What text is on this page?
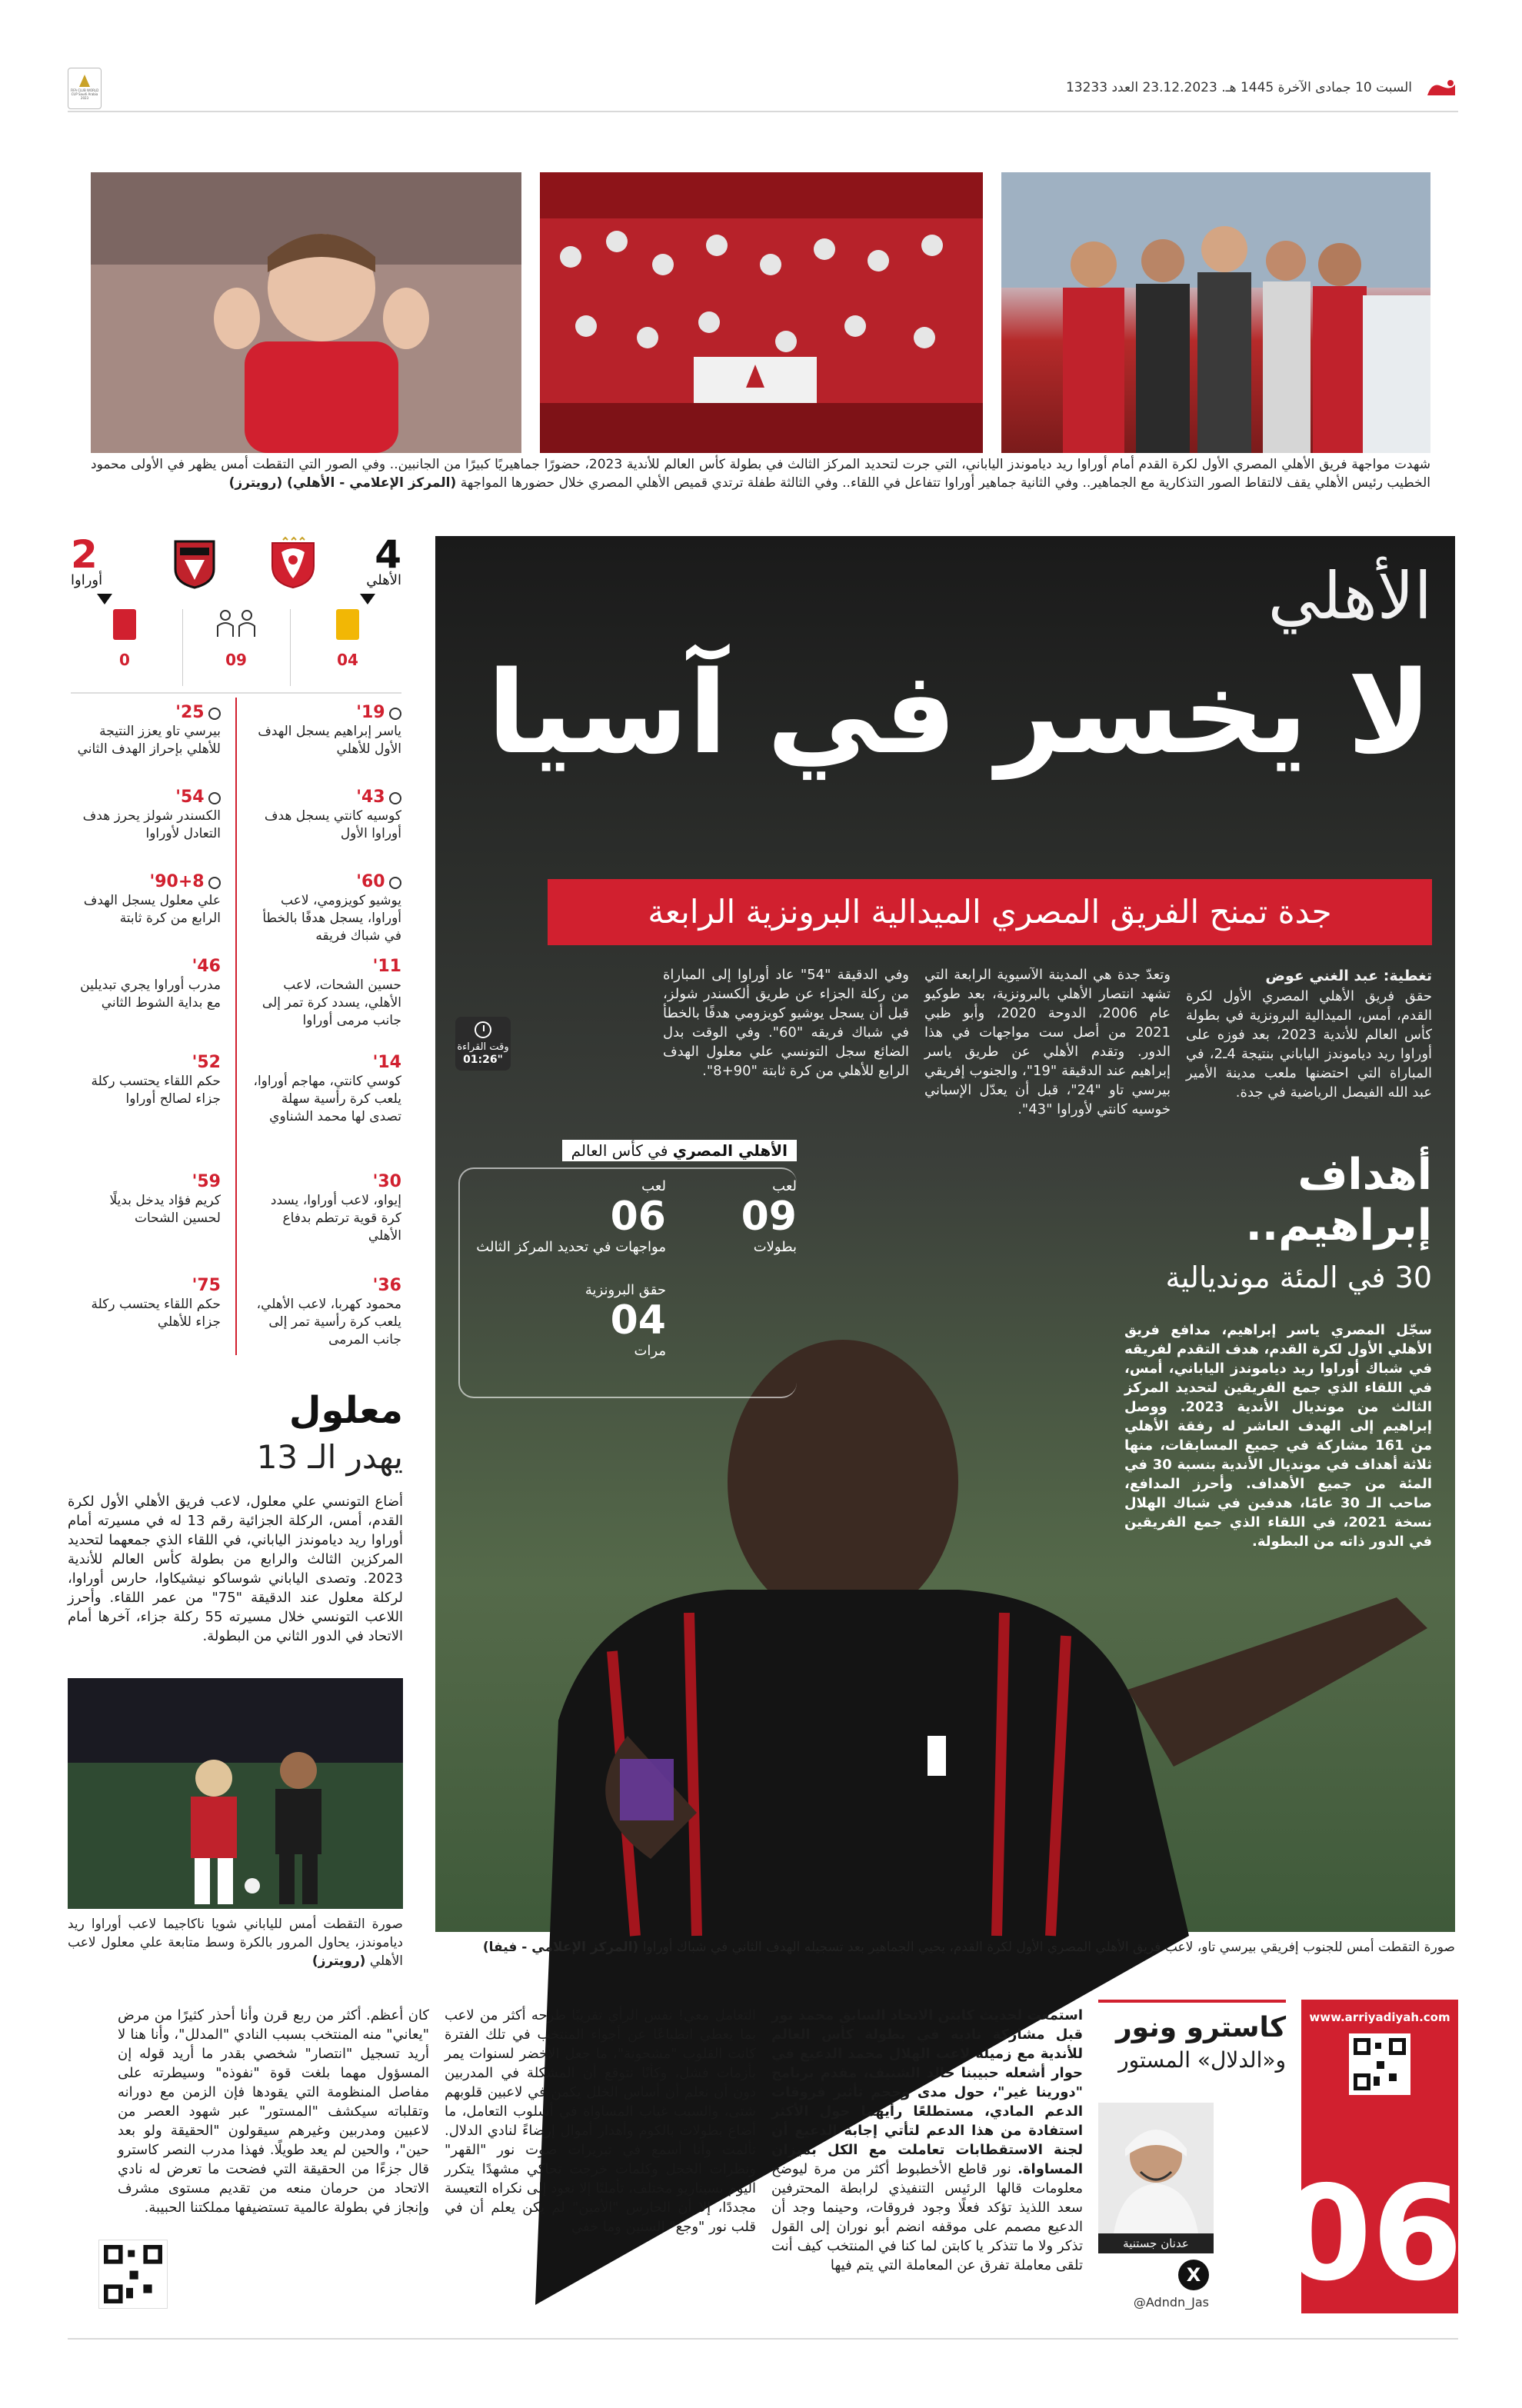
السبت 10 جمادى الآخرة 1445 هـ. 23.12.2023 العدد 13233
FIFA CLUB WORLD CUP Saudi Arabia 2023
شهدت مواجهة فريق الأهلي المصري الأول لكرة القدم أمام أوراوا ريد دياموندز الياباني، التي جرت لتحديد المركز الثالث في بطولة كأس العالم للأندية 2023، حضورًا جماهيريًا كبيرًا من الجانبين.. وفي الصور التي التقطت أمس يظهر في الأولى محمود الخطيب رئيس الأهلي يقف لالتقاط الصور التذكارية مع الجماهير.. وفي الثانية جماهير أوراوا تتفاعل في اللقاء.. وفي الثالثة طفلة ترتدي قميص الأهلي المصري خلال حضورها المواجهة (المركز الإعلامي - الأهلي) (رويترز)
4
الأهلي
2
أوراوا
04
09
0
19'
ياسر إبراهيم يسجل الهدف الأول للأهلي
25'
بيرسي تاو يعزز النتيجة للأهلي بإحراز الهدف الثاني
43'
كوسيه كانتي يسجل هدف أوراوا الأول
54'
الكسندر شولز يحرز هدف التعادل لأوراوا
60'
يوشيو كويزومي، لاعب أوراوا، يسجل هدفًا بالخطأ في شباك فريقه
90+8'
علي معلول يسجل الهدف الرابع من كرة ثابتة
11'
حسين الشحات، لاعب الأهلي، يسدد كرة تمر إلى جانب مرمى أوراوا
46'
مدرب أوراوا يجري تبديلين مع بداية الشوط الثاني
14'
كوسي كانتي، مهاجم أوراوا، يلعب كرة رأسية سهلة تصدى لها محمد الشناوي
52'
حكم اللقاء يحتسب ركلة جزاء لصالح أوراوا
30'
إيواو، لاعب أوراوا، يسدد كرة قوية ترتطم بدفاع الأهلي
59'
كريم فؤاد يدخل بديلًا لحسين الشحات
36'
محمود كهربا، لاعب الأهلي، يلعب كرة رأسية تمر إلى جانب المرمى
75'
حكم اللقاء يحتسب ركلة جزاء للأهلي
معلول
يهدر الـ 13
أضاع التونسي علي معلول، لاعب فريق الأهلي الأول لكرة القدم، أمس، الركلة الجزائية رقم 13 له في مسيرته أمام أوراوا ريد دياموندز الياباني، في اللقاء الذي جمعهما لتحديد المركزين الثالث والرابع من بطولة كأس العالم للأندية 2023. وتصدى الياباني شوساكو نيشيكاوا، حارس أوراوا، لركلة معلول عند الدقيقة "75" من عمر اللقاء. وأحرز اللاعب التونسي خلال مسيرته 55 ركلة جزاء، آخرها أمام الاتحاد في الدور الثاني من البطولة.
صورة التقطت أمس للياباني شويا ناكاجيما لاعب أوراوا ريد دياموندز، يحاول المرور بالكرة وسط متابعة علي معلول لاعب الأهلي (رويترز)
الأهلي
لا يخسر في آسيا
جدة تمنح الفريق المصري الميدالية البرونزية الرابعة
تغطية: عبد الغني عوض
حقق فريق الأهلي المصري الأول لكرة القدم، أمس، الميدالية البرونزية في بطولة كأس العالم للأندية 2023، بعد فوزه على أوراوا ريد دياموندز الياباني بنتيجة 4ـ2، في المباراة التي احتضنها ملعب مدينة الأمير عبد الله الفيصل الرياضية في جدة.
وتعدّ جدة هي المدينة الآسيوية الرابعة التي تشهد انتصار الأهلي بالبرونزية، بعد طوكيو عام 2006، الدوحة 2020، وأبو ظبي 2021 من أصل ست مواجهات في هذا الدور. وتقدم الأهلي عن طريق ياسر إبراهيم عند الدقيقة "19"، والجنوب إفريقي بيرسي تاو "24"، قبل أن يعدّل الإسباني خوسيه كانتي لأوراوا "43".
وفي الدقيقة "54" عاد أوراوا إلى المباراة من ركلة الجزاء عن طريق ألكسندر شولز، قبل أن يسجل يوشيو كويزومي هدفًا بالخطأ في شباك فريقه "60". وفي الوقت بدل الضائع سجل التونسي علي معلول الهدف الرابع للأهلي من كرة ثابتة "90+8".
وقت القراءة
01:26"
الأهلي المصري في كأس العالم
لعب
09
بطولات
لعب
06
مواجهات في تحديد المركز الثالث
حقق البرونزية
04
مرات
أهداف
إبراهيم..
30 في المئة مونديالية
سجّل المصري ياسر إبراهيم، مدافع فريق الأهلي الأول لكرة القدم، هدف التقدم لفريقه في شباك أوراوا ريد دياموندز الياباني، أمس، في اللقاء الذي جمع الفريقين لتحديد المركز الثالث من مونديال الأندية 2023. ووصل إبراهيم إلى الهدف العاشر له رفقة الأهلي من 161 مشاركة في جميع المسابقات، منها ثلاثة أهداف في مونديال الأندية بنسبة 30 في المئة من جميع الأهداف. وأحرز المدافع، صاحب الـ 30 عامًا، هدفين في شباك الهلال نسخة 2021، في اللقاء الذي جمع الفريقين في الدور ذاته من البطولة.
صورة التقطت أمس للجنوب إفريقي بيرسي تاو، لاعب فريق الأهلي المصري الأول لكرة القدم، يحيي الجماهير بعد تسجيله الهدف الثاني في شباك أوراوا (المركز الإعلامي - فيفا)
www.arriyadiyah.com
06
كاسترو ونور
و«الدلال» المستور
عدنان جستنية
X
@Adndn_Jas
استمعت لحديث كابتن الاتحاد السابق محمد نور قبل مشاركة ناديه في بطولة كأس العالم للأندية مع زميله لاعب الهلال محمد الدعيع في حوار أشعله حبيبنا خالد الشنيف، مقدم برنامج "دورينا غير"، حول مدى وحجم تأثير فروقات الدعم المادي، مستطلعًا رأيهما حول الأكثر استفادة من هذا الدعم لتأتي إجابة الدعيع أن لجنة الاستقطابات تعاملت مع الكل بميزان المساواة. نور قاطع الأخطبوط أكثر من مرة ليوضح معلومات قالها الرئيس التنفيذي لرابطة المحترفين سعد اللذيذ تؤكد فعلًا وجود فروقات، وحينما وجد أن الدعيع مصمم على موقفه انضم أبو نوران إلى القول تذكر ولا ما تتذكر يا كابتن لما كنا في المنتخب كيف أنت تلقى معاملة تفرق عن المعاملة التي يتم فيها
التعامل معي! نفس الرأي تقريبًا طرحه أكثر من لاعب بما يعطي انطباعًا عن أجواء المنتخب في تلك الفترة كانت القلوب "مشحونة"، ما جعل الأخضر لسنوات يمر بأزمات فشل، وكأنًا نتوقع أن المشكلة في المدربين دون أن نعلم أن أساس الخلل يكمن في لاعبين قلوبهم شتى، والسبب غياب المساواة في أسلوب التعامل، ما أضاع بطولات بالكوم وأهدار أموال إرضاءً لنادي الدلال. تألمت وأنا أسمع في تبريرات صوت نور "القهر" ونظرات الخجل وكلمات خرجت تحاكي مشهدًا يتكرر اليوم بسيناريو مختلف، تأملتًا إلا نعود إلى نكراه التعيسة مجددًا، إلا أن الحارس "الأمين" لم يكن يعلم أن في قلب نور "وجع" السنين وما خفي
كان أعظم. أكثر من ربع قرن وأنا أحذر كثيرًا من مرض "يعاني" منه المنتخب بسبب النادي "المدلل"، وأنا هنا لا أريد تسجيل "انتصار" شخصي بقدر ما أريد قوله إن المسؤول مهما بلغت قوة "نفوذه" وسيطرته على مفاصل المنظومة التي يقودها فإن الزمن مع دورانه وتقلباته سيكشف "المستور" عبر شهود العصر من لاعبين ومدربين وغيرهم سيقولون "الحقيقة ولو بعد حين"، والحين لم يعد طويلًا. فهذا مدرب النصر كاسترو قال جزءًا من الحقيقة التي فضحت ما تعرض له نادي الاتحاد من حرمان منعه من تقديم مستوى مشرف وإنجاز في بطولة عالمية تستضيفها مملكتنا الحبيبة.
